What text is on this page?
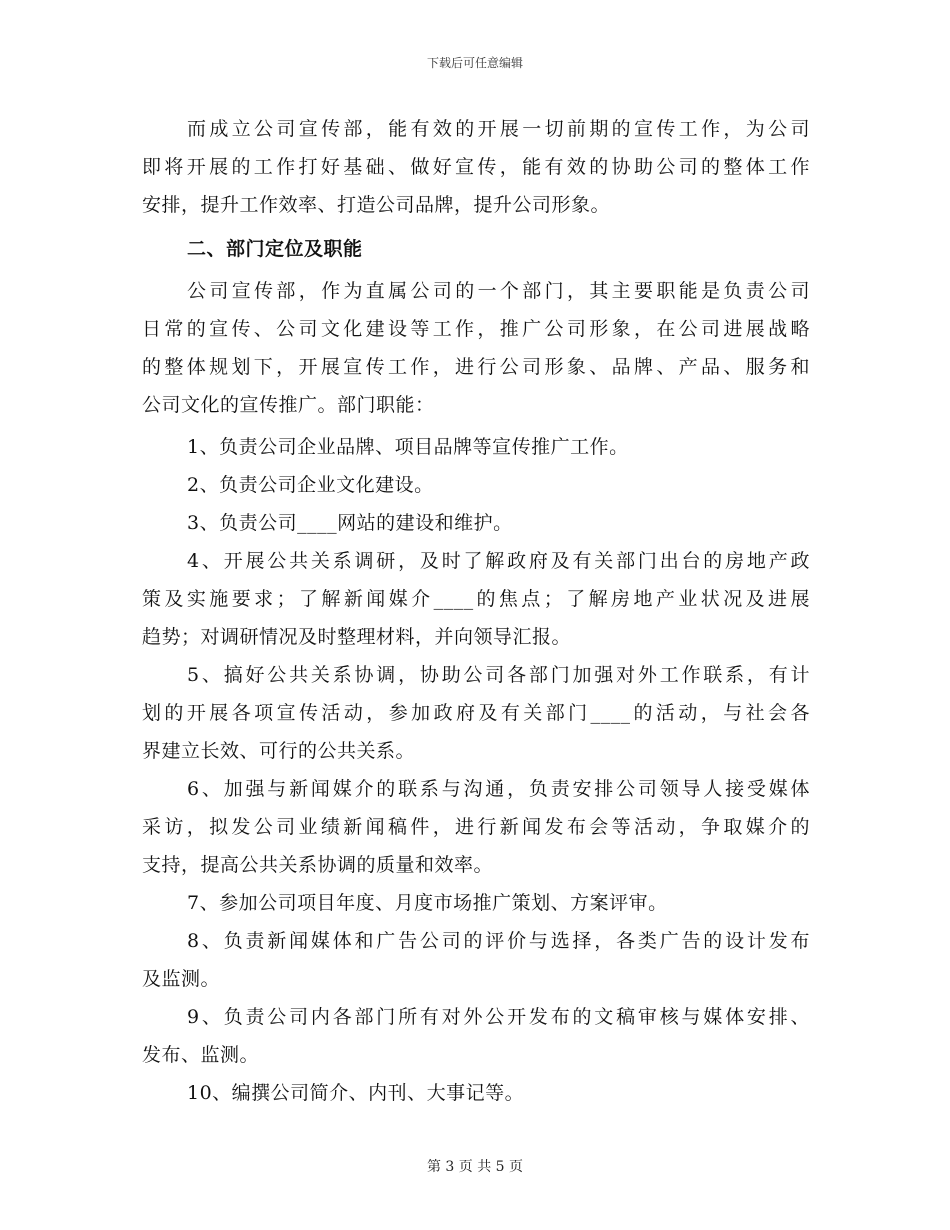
下载后可任意编辑
而成立公司宣传部，能有效的开展一切前期的宣传工作，为公司
即将开展的工作打好基础、做好宣传，能有效的协助公司的整体工作
安排，提升工作效率、打造公司品牌，提升公司形象。
二、部门定位及职能
公司宣传部，作为直属公司的一个部门，其主要职能是负责公司
日常的宣传、公司文化建设等工作，推广公司形象，在公司进展战略
的整体规划下，开展宣传工作，进行公司形象、品牌、产品、服务和
公司文化的宣传推广。部门职能：
1、负责公司企业品牌、项目品牌等宣传推广工作。
2、负责公司企业文化建设。
3、负责公司____网站的建设和维护。
4、开展公共关系调研，及时了解政府及有关部门出台的房地产政
策及实施要求；了解新闻媒介____的焦点；了解房地产业状况及进展
趋势；对调研情况及时整理材料，并向领导汇报。
5、搞好公共关系协调，协助公司各部门加强对外工作联系，有计
划的开展各项宣传活动，参加政府及有关部门____的活动，与社会各
界建立长效、可行的公共关系。
6、加强与新闻媒介的联系与沟通，负责安排公司领导人接受媒体
采访，拟发公司业绩新闻稿件，进行新闻发布会等活动，争取媒介的
支持，提高公共关系协调的质量和效率。
7、参加公司项目年度、月度市场推广策划、方案评审。
8、负责新闻媒体和广告公司的评价与选择，各类广告的设计发布
及监测。
9、负责公司内各部门所有对外公开发布的文稿审核与媒体安排、
发布、监测。
10、编撰公司简介、内刊、大事记等。
第 3 页 共 5 页
